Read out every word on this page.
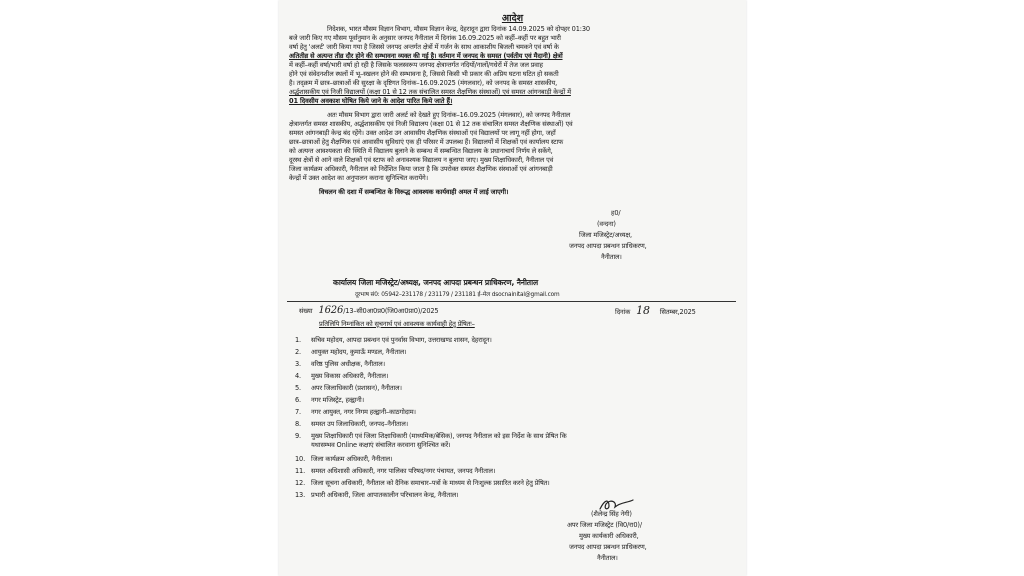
आदेश
निदेशक, भारत मौसम विज्ञान विभाग, मौसम विज्ञान केन्द्र, देहरादून द्वारा दिनांक 14.09.2025 को दोपहर 01:30
बजे जारी किए गए मौसम पूर्वानुमान के अनुसार जनपद नैनीताल में दिनांक 16.09.2025 को कहीं–कहीं पर बहुत भारी
वर्षा हेतु 'अलर्ट' जारी किया गया है जिससे जनपद अन्तर्गत क्षेत्रों में गर्जन के साथ आकाशीय बिजली चमकने एवं वर्षा के
अतितीव्र से अत्यन्त तीव्र दौर होने की सम्भावना व्यक्त की गई है। वर्तमान में जनपद के समस्त (पर्वतीय एवं मैदानी) क्षेत्रों
में कहीं–कहीं वर्षा/भारी वर्षा हो रही है जिसके फलस्वरूप जनपद क्षेत्रान्तर्गत नदियों/नालों/गधेरों में तेज जल प्रवाह
होने एवं संवेदनशील स्थलों में भू–स्खलन होने की सम्भावना है, जिससे किसी भी प्रकार की अप्रिय घटना घटित हो सकती
है। तद्क्रम में छात्र–छात्राओं की सुरक्षा के दृष्टिगत दिनांक–16.09.2025 (मंगलवार), को जनपद के समस्त शासकीय,
अर्द्धशासकीय एवं निजी विद्यालयों (कक्षा 01 से 12 तक संचालित समस्त शैक्षणिक संस्थाओं) एवं समस्त आंगनबाड़ी केन्द्रों में
01 दिवसीय अवकाश घोषित किये जाने के आदेश पारित किये जाते हैं।
अतः मौसम विभाग द्वारा जारी अलर्ट को देखते हुए दिनांक–16.09.2025 (मंगलवार), को जनपद नैनीताल
क्षेत्रान्तर्गत समस्त शासकीय, अर्द्धशासकीय एवं निजी विद्यालय (कक्षा 01 से 12 तक संचालित समस्त शैक्षणिक संस्थाओं) एवं
समस्त आंगनबाड़ी केन्द्र बंद रहेंगे। उक्त आदेश उन आवासीय शैक्षणिक संस्थाओं एवं विद्यालयों पर लागू नहीं होगा, जहाँ
छात्र–छात्राओं हेतु शैक्षणिक एवं आवासीय सुविधाएं एक ही परिसर में उपलब्ध हैं। विद्यालयों में शिक्षकों एवं कार्यालय स्टाफ
को अत्यन्त आवश्यकता की स्थिति में विद्यालय बुलाने के सम्बन्ध में सम्बन्धित विद्यालय के प्रधानाचार्य निर्णय ले सकेंगे,
दूरस्थ क्षेत्रों से आने वाले शिक्षकों एवं स्टाफ को अनावश्यक विद्यालय न बुलाया जाए। मुख्य शिक्षाधिकारी, नैनीताल एवं
जिला कार्यक्रम अधिकारी, नैनीताल को निर्देशित किया जाता है कि उपरोक्त समस्त शैक्षणिक संस्थाओं एवं आंगनबाड़ी
केन्द्रों में उक्त आदेश का अनुपालन कराना सुनिश्चित करायेंगे।
विचलन की दशा में सम्बन्धित के विरूद्ध आवश्यक कार्यवाही अमल में लाई जाएगी।
ह0/
(वन्दना)
जिला मजिस्ट्रेट/अध्यक्ष,
जनपद आपदा प्रबन्धन प्राधिकरण,
नैनीताल।
कार्यालय जिला मजिस्ट्रेट/अध्यक्ष, जनपद आपदा प्रबन्धन प्राधिकरण, नैनीताल
दूरभाष सं0: 05942–231178 / 231179 / 231181 ई–मेल dsocnainital@gmail.com
संख्या 1626/13–सी0आ0प्र0(जि0आ0प्रा0)/2025	दिनांक 18 सितम्बर,2025
प्रतिलिपि निम्नांकित को सूचनार्थ एवं आवश्यक कार्यवाही हेतु प्रेषितः–
1. सचिव महोदय, आपदा प्रबन्धन एवं पुनर्वास विभाग, उत्तराखण्ड शासन, देहरादून।
2. आयुक्त महोदय, कुमाऊँ मण्डल, नैनीताल।
3. वरिष्ठ पुलिस अधीक्षक, नैनीताल।
4. मुख्य विकास अधिकारी, नैनीताल।
5. अपर जिलाधिकारी (प्रशासन), नैनीताल।
6. नगर मजिस्ट्रेट, हल्द्वानी।
7. नगर आयुक्त, नगर निगम हल्द्वानी–काठगोदाम।
8. समस्त उप जिलाधिकारी, जनपद–नैनीताल।
9. मुख्य शिक्षाधिकारी एवं जिला शिक्षाधिकारी (माध्यमिक/बेसिक), जनपद नैनीताल को इस निर्देश के साथ प्रेषित कि
यथासम्भव Online कक्षाएं संचालित करवाना सुनिश्चित करें।
10. जिला कार्यक्रम अधिकारी, नैनीताल।
11. समस्त अधिशासी अधिकारी, नगर पालिका परिषद/नगर पंचायत, जनपद नैनीताल।
12. जिला सूचना अधिकारी, नैनीताल को दैनिक समाचार–पत्रों के माध्यम से निःशुल्क प्रसारित करने हेतु प्रेषित।
13. प्रभारी अधिकारी, जिला आपातकालीन परिचालन केन्द्र, नैनीताल।
(शैलेन्द्र सिंह नेगी)
अपर जिला मजिस्ट्रेट (वि0/रा0)/
मुख्य कार्यकारी अधिकारी,
जनपद आपदा प्रबन्धन प्राधिकरण,
नैनीताल।
